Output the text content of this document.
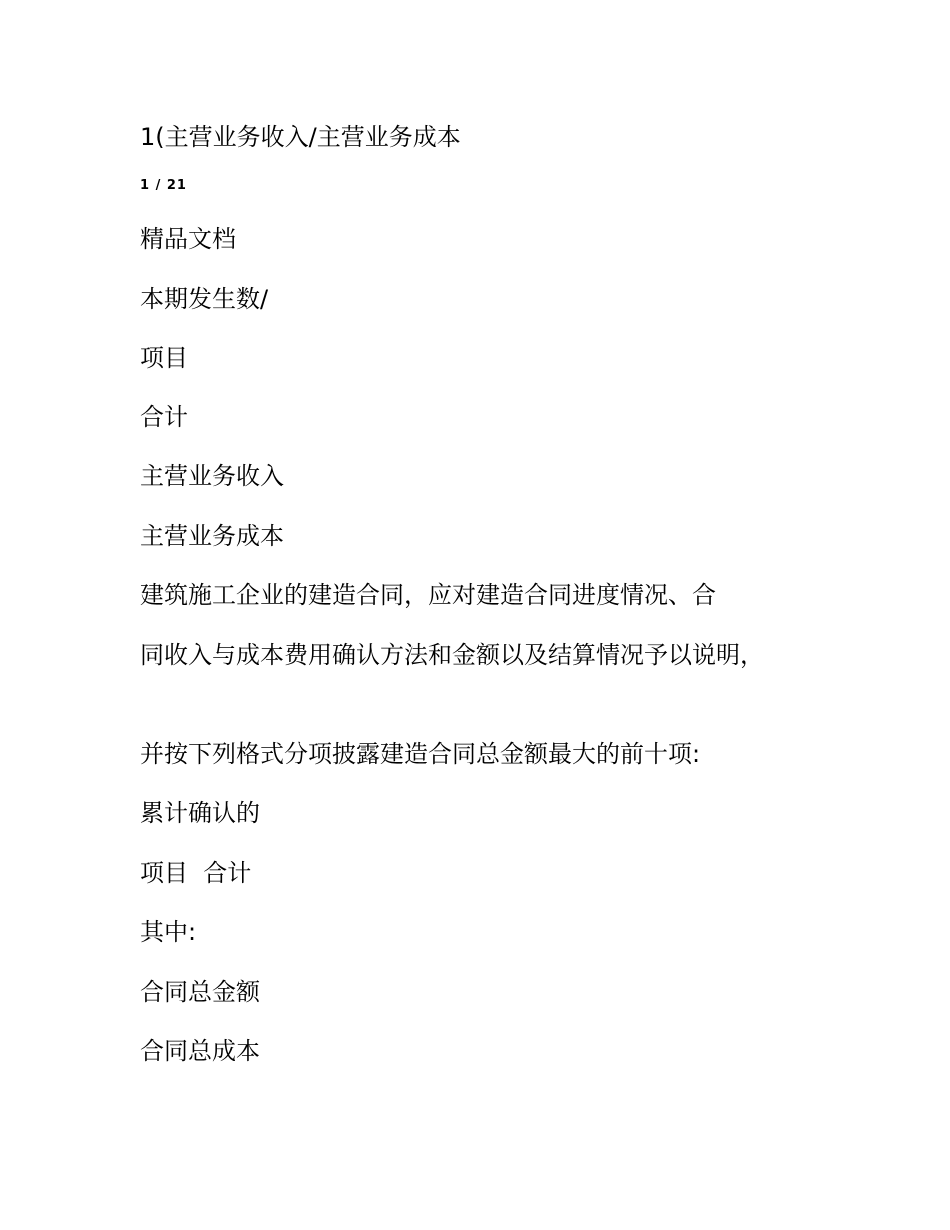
1(主营业务收入/主营业务成本
1 / 21
精品文档
本期发生数/
项目
合计
主营业务收入
主营业务成本
建筑施工企业的建造合同，应对建造合同进度情况、合
同收入与成本费用确认方法和金额以及结算情况予以说明，
并按下列格式分项披露建造合同总金额最大的前十项:
累计确认的
项目  合计
其中:
合同总金额
合同总成本
